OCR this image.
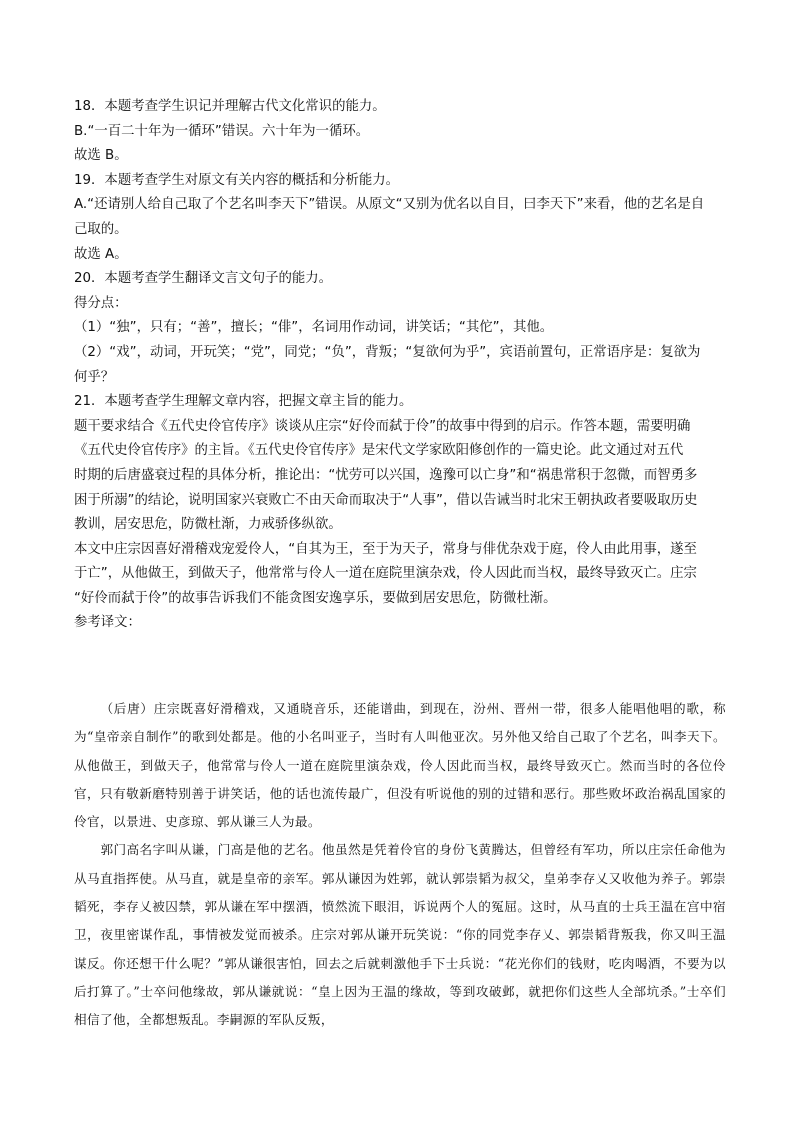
18．本题考查学生识记并理解古代文化常识的能力。

B.“一百二十年为一循环”错误。六十年为一循环。

故选 B。

19．本题考查学生对原文有关内容的概括和分析能力。

A.“还请别人给自己取了个艺名叫李天下”错误。从原文“又别为优名以自目，曰李天下”来看，他的艺名是自

己取的。

故选 A。

20．本题考查学生翻译文言文句子的能力。

得分点：

（1）“独”，只有；“善”，擅长；“俳”，名词用作动词，讲笑话；“其佗”，其他。

（2）“戏”，动词，开玩笑；“党”，同党；“负”，背叛；“复欲何为乎”，宾语前置句，正常语序是：复欲为

何乎？

21．本题考查学生理解文章内容，把握文章主旨的能力。

题干要求结合《五代史伶官传序》谈谈从庄宗“好伶而弑于伶”的故事中得到的启示。作答本题，需要明确

《五代史伶官传序》的主旨。《五代史伶官传序》是宋代文学家欧阳修创作的一篇史论。此文通过对五代

时期的后唐盛衰过程的具体分析，推论出：“忧劳可以兴国，逸豫可以亡身”和“祸患常积于忽微，而智勇多

困于所溺”的结论，说明国家兴衰败亡不由天命而取决于“人事”，借以告诫当时北宋王朝执政者要吸取历史

教训，居安思危，防微杜渐，力戒骄侈纵欲。

本文中庄宗因喜好滑稽戏宠爱伶人，“自其为王，至于为天子，常身与俳优杂戏于庭，伶人由此用事，遂至

于亡”，从他做王，到做天子，他常常与伶人一道在庭院里演杂戏，伶人因此而当权，最终导致灭亡。庄宗

“好伶而弑于伶”的故事告诉我们不能贪图安逸享乐，要做到居安思危，防微杜渐。

参考译文：

（后唐）庄宗既喜好滑稽戏，又通晓音乐，还能谱曲，到现在，汾州、晋州一带，很多人能唱他唱的歌，称为“皇帝亲自制作”的歌到处都是。他的小名叫亚子，当时有人叫他亚次。另外他又给自己取了个艺名，叫李天下。从他做王，到做天子，他常常与伶人一道在庭院里演杂戏，伶人因此而当权，最终导致灭亡。然而当时的各位伶官，只有敬新磨特别善于讲笑话，他的话也流传最广，但没有听说他的别的过错和恶行。那些败坏政治祸乱国家的伶官，以景进、史彦琼、郭从谦三人为最。

郭门高名字叫从谦，门高是他的艺名。他虽然是凭着伶官的身份飞黄腾达，但曾经有军功，所以庄宗任命他为从马直指挥使。从马直，就是皇帝的亲军。郭从谦因为姓郭，就认郭崇韬为叔父，皇弟李存乂又收他为养子。郭崇韬死，李存乂被囚禁，郭从谦在军中摆酒，愤然流下眼泪，诉说两个人的冤屈。这时，从马直的士兵王温在宫中宿卫，夜里密谋作乱，事情被发觉而被杀。庄宗对郭从谦开玩笑说：“你的同党李存乂、郭崇韬背叛我，你又叫王温谋反。你还想干什么呢？”郭从谦很害怕，回去之后就刺激他手下士兵说：“花光你们的钱财，吃肉喝酒，不要为以后打算了。”士卒问他缘故，郭从谦就说：“皇上因为王温的缘故，等到攻破邺，就把你们这些人全部坑杀。”士卒们相信了他，全都想叛乱。李嗣源的军队反叛，
